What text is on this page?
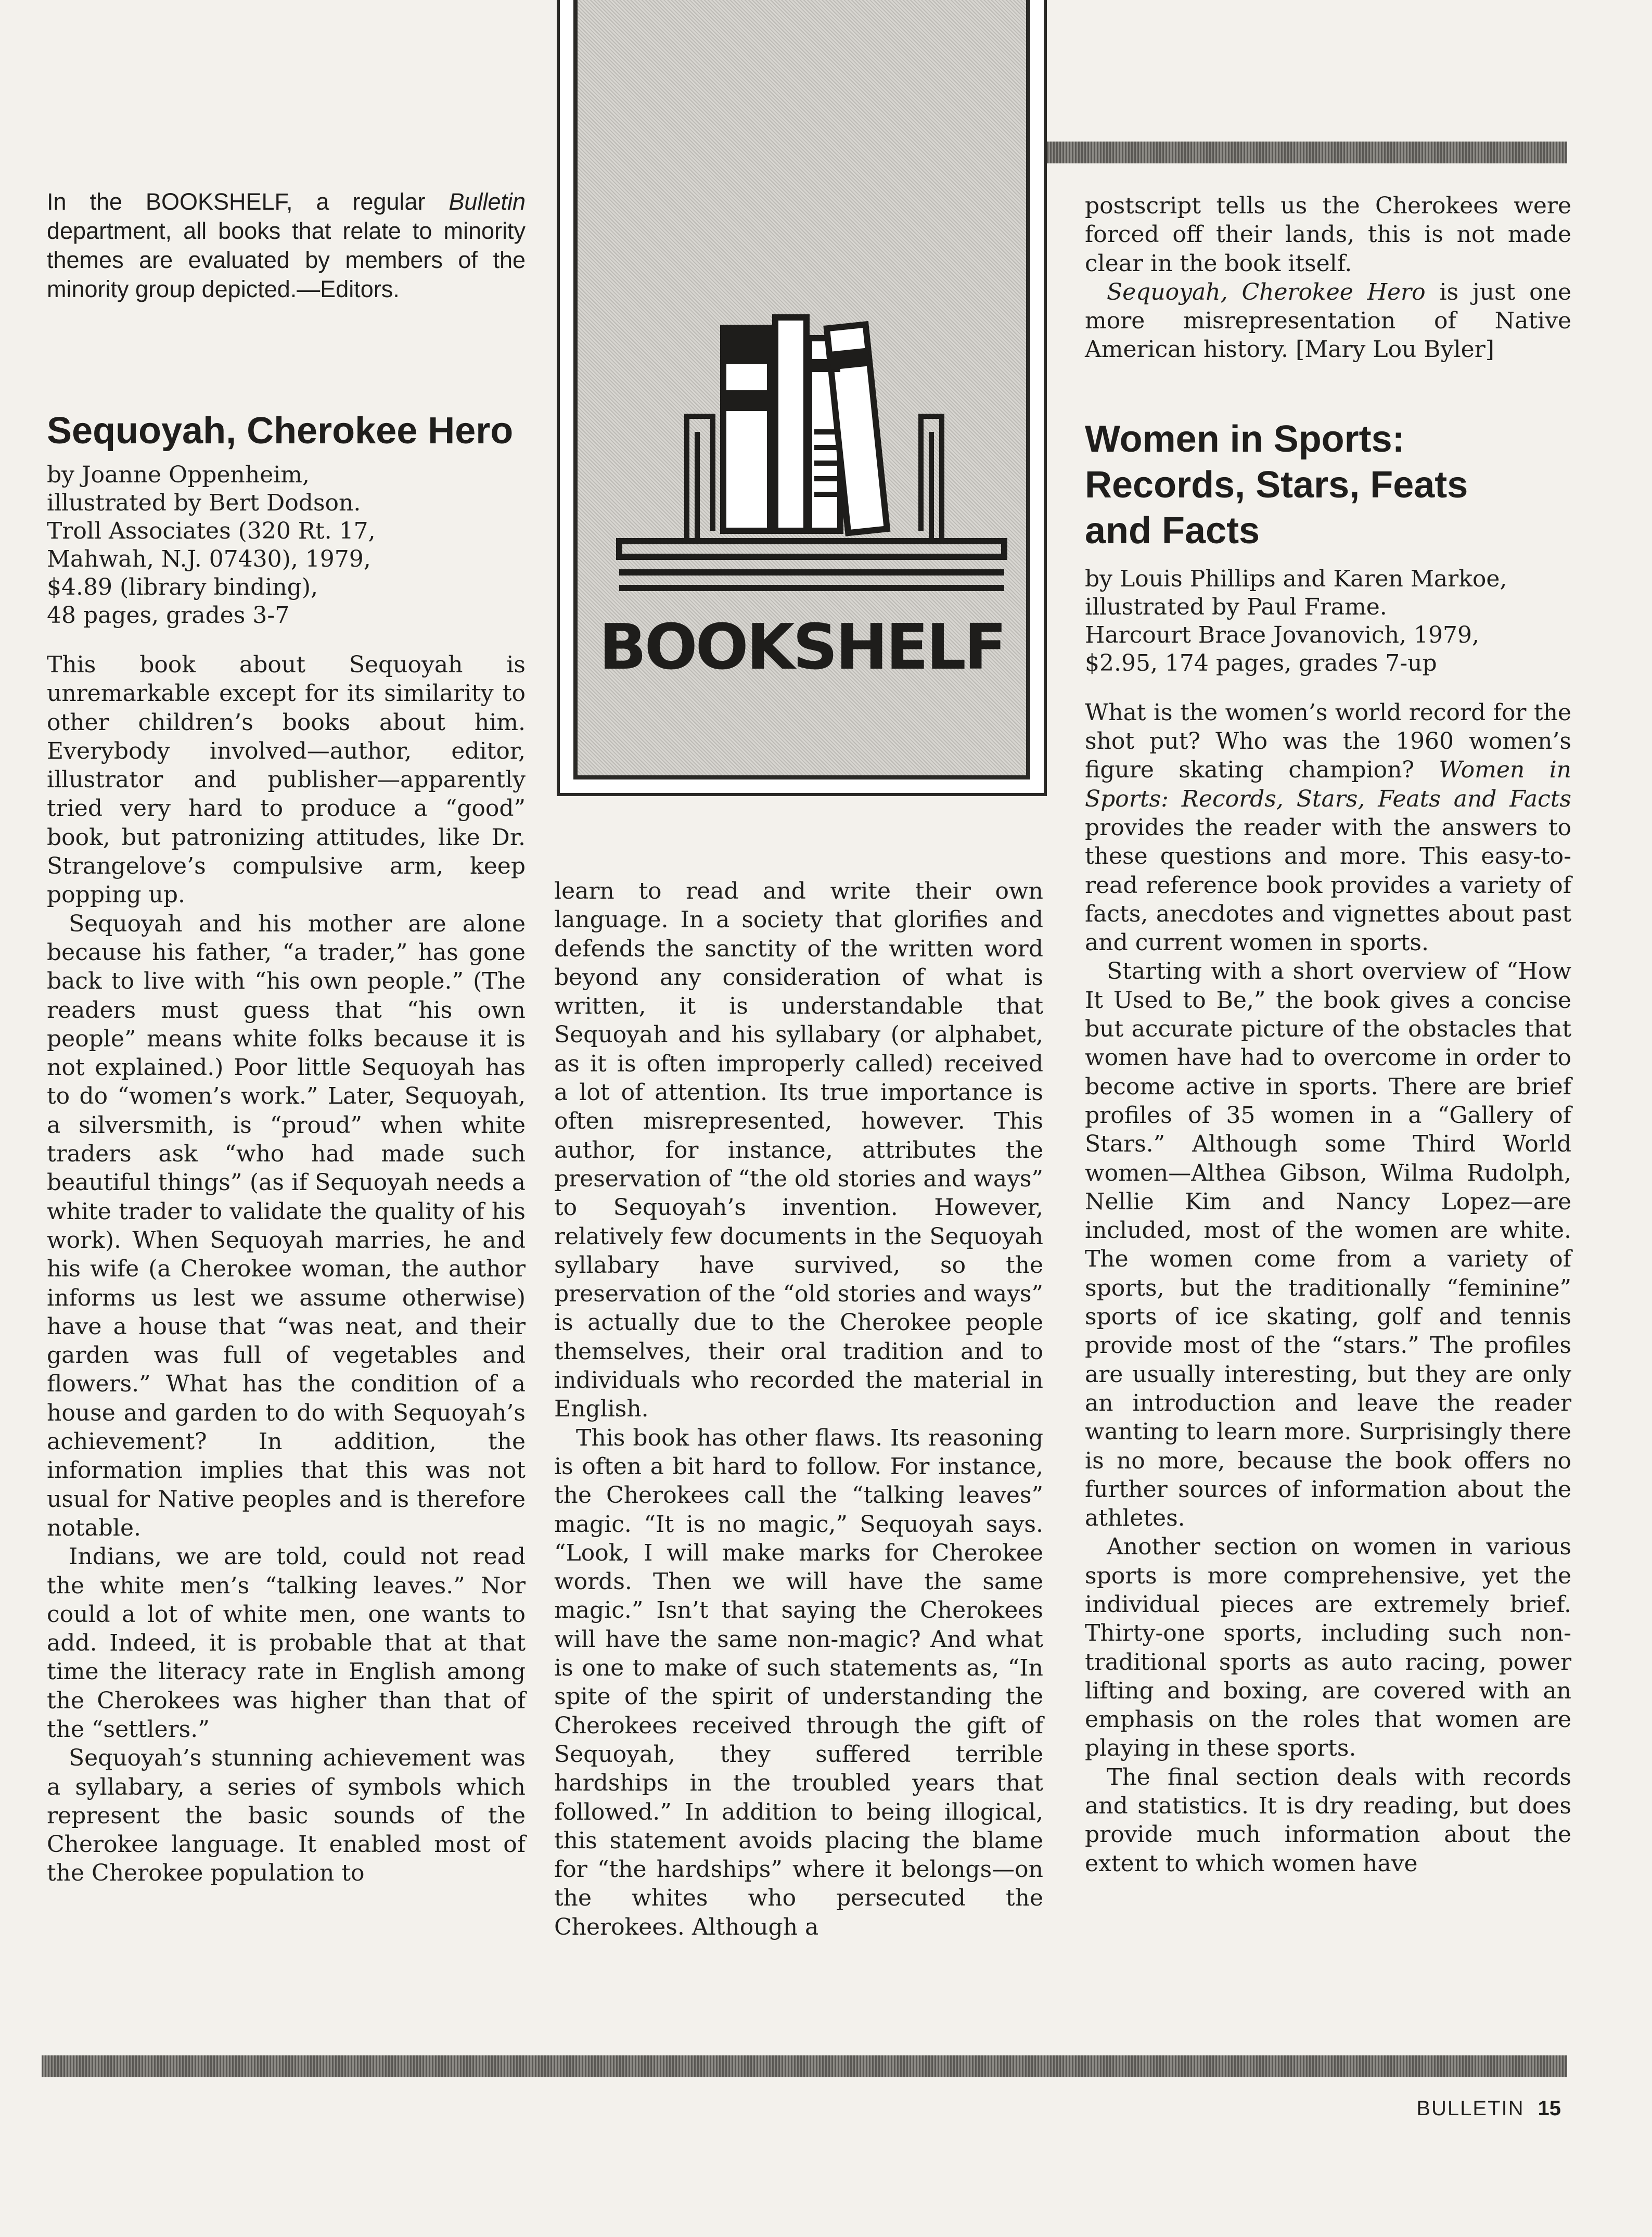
BOOKSHELF

In the BOOKSHELF, a regular Bulletin department, all books that relate to minority themes are evaluated by members of the minority group depicted.—Editors.

Sequoyah, Cherokee Hero
by Joanne Oppenheim,
illustrated by Bert Dodson.
Troll Associates (320 Rt. 17,
Mahwah, N.J. 07430), 1979,
$4.89 (library binding),
48 pages, grades 3-7

This book about Sequoyah is unremarkable except for its similarity to other children’s books about him. Everybody involved—author, editor, illustrator and publisher—apparently tried very hard to produce a “good” book, but patronizing attitudes, like Dr. Strangelove’s compulsive arm, keep popping up.

Sequoyah and his mother are alone because his father, “a trader,” has gone back to live with “his own people.” (The readers must guess that “his own people” means white folks because it is not explained.) Poor little Sequoyah has to do “women’s work.” Later, Sequoyah, a silversmith, is “proud” when white traders ask “who had made such beautiful things” (as if Sequoyah needs a white trader to validate the quality of his work). When Sequoyah marries, he and his wife (a Cherokee woman, the author informs us lest we assume otherwise) have a house that “was neat, and their garden was full of vegetables and flowers.” What has the condition of a house and garden to do with Sequoyah’s achievement? In addition, the information implies that this was not usual for Native peoples and is therefore notable.

Indians, we are told, could not read the white men’s “talking leaves.” Nor could a lot of white men, one wants to add. Indeed, it is probable that at that time the literacy rate in English among the Cherokees was higher than that of the “settlers.”

Sequoyah’s stunning achievement was a syllabary, a series of symbols which represent the basic sounds of the Cherokee language. It enabled most of the Cherokee population to

learn to read and write their own language. In a society that glorifies and defends the sanctity of the written word beyond any consideration of what is written, it is understandable that Sequoyah and his syllabary (or alphabet, as it is often improperly called) received a lot of attention. Its true importance is often misrepresented, however. This author, for instance, attributes the preservation of “the old stories and ways” to Sequoyah’s invention. However, relatively few documents in the Sequoyah syllabary have survived, so the preservation of the “old stories and ways” is actually due to the Cherokee people themselves, their oral tradition and to individuals who recorded the material in English.

This book has other flaws. Its reasoning is often a bit hard to follow. For instance, the Cherokees call the “talking leaves” magic. “It is no magic,” Sequoyah says. “Look, I will make marks for Cherokee words. Then we will have the same magic.” Isn’t that saying the Cherokees will have the same non-magic? And what is one to make of such statements as, “In spite of the spirit of understanding the Cherokees received through the gift of Sequoyah, they suffered terrible hardships in the troubled years that followed.” In addition to being illogical, this statement avoids placing the blame for “the hardships” where it belongs—on the whites who persecuted the Cherokees. Although a

postscript tells us the Cherokees were forced off their lands, this is not made clear in the book itself.

Sequoyah, Cherokee Hero is just one more misrepresentation of Native American history. [Mary Lou Byler]

Women in Sports: Records, Stars, Feats and Facts
by Louis Phillips and Karen Markoe,
illustrated by Paul Frame.
Harcourt Brace Jovanovich, 1979,
$2.95, 174 pages, grades 7-up

What is the women’s world record for the shot put? Who was the 1960 women’s figure skating champion? Women in Sports: Records, Stars, Feats and Facts provides the reader with the answers to these questions and more. This easy-to-read reference book provides a variety of facts, anecdotes and vignettes about past and current women in sports.

Starting with a short overview of “How It Used to Be,” the book gives a concise but accurate picture of the obstacles that women have had to overcome in order to become active in sports. There are brief profiles of 35 women in a “Gallery of Stars.” Although some Third World women—Althea Gibson, Wilma Rudolph, Nellie Kim and Nancy Lopez—are included, most of the women are white. The women come from a variety of sports, but the traditionally “feminine” sports of ice skating, golf and tennis provide most of the “stars.” The profiles are usually interesting, but they are only an introduction and leave the reader wanting to learn more. Surprisingly there is no more, because the book offers no further sources of information about the athletes.

Another section on women in various sports is more comprehensive, yet the individual pieces are extremely brief. Thirty-one sports, including such non-traditional sports as auto racing, power lifting and boxing, are covered with an emphasis on the roles that women are playing in these sports.

The final section deals with records and statistics. It is dry reading, but does provide much information about the extent to which women have

BULLETIN 15
